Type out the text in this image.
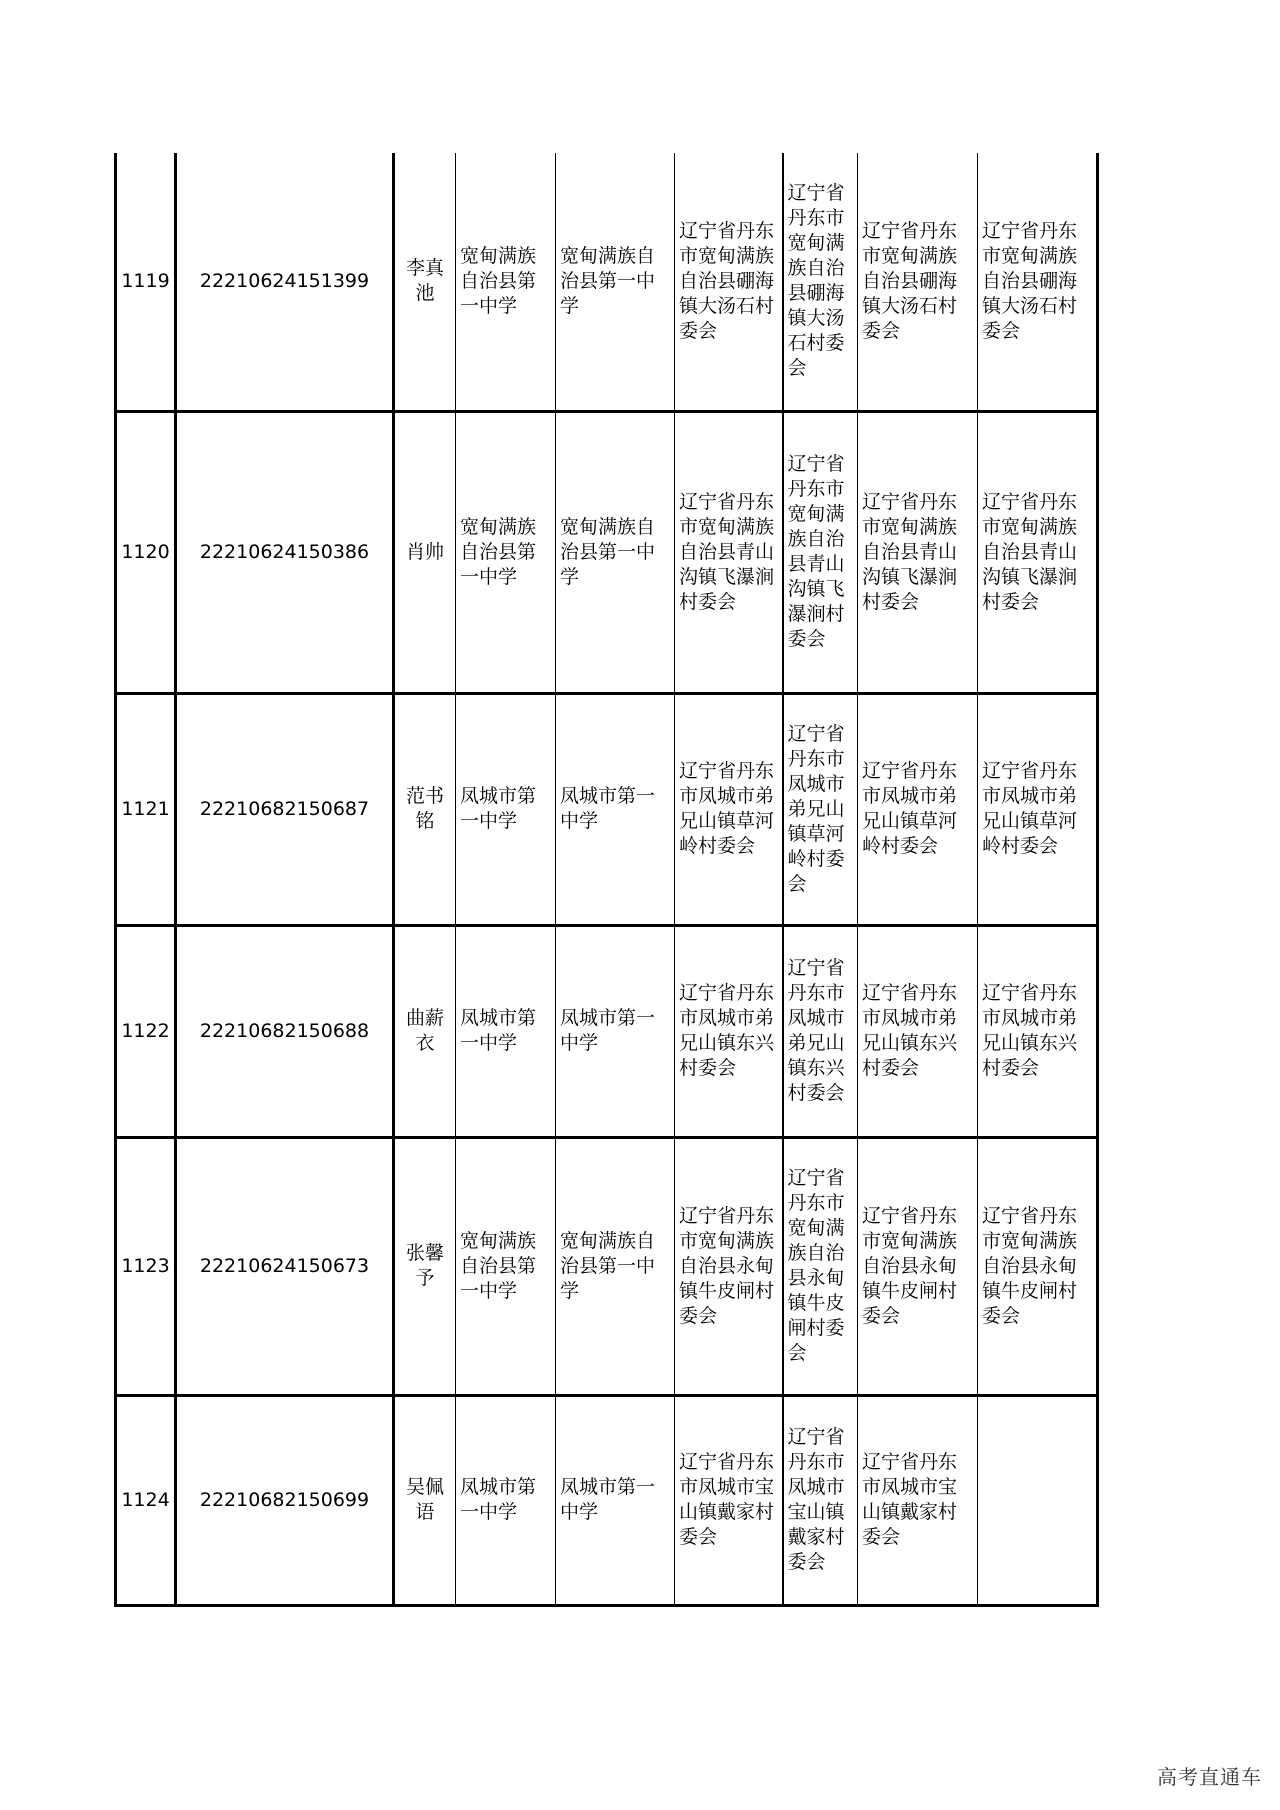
1119	22210624151399	李真池	宽甸满族自治县第一中学	宽甸满族自治县第一中学	辽宁省丹东市宽甸满族自治县硼海镇大汤石村委会	辽宁省丹东市宽甸满族自治县硼海镇大汤石村委会	辽宁省丹东市宽甸满族自治县硼海镇大汤石村委会	辽宁省丹东市宽甸满族自治县硼海镇大汤石村委会
1120	22210624150386	肖帅	宽甸满族自治县第一中学	宽甸满族自治县第一中学	辽宁省丹东市宽甸满族自治县青山沟镇飞瀑涧村委会	辽宁省丹东市宽甸满族自治县青山沟镇飞瀑涧村委会	辽宁省丹东市宽甸满族自治县青山沟镇飞瀑涧村委会	辽宁省丹东市宽甸满族自治县青山沟镇飞瀑涧村委会
1121	22210682150687	范书铭	凤城市第一中学	凤城市第一中学	辽宁省丹东市凤城市弟兄山镇草河岭村委会	辽宁省丹东市凤城市弟兄山镇草河岭村委会	辽宁省丹东市凤城市弟兄山镇草河岭村委会	辽宁省丹东市凤城市弟兄山镇草河岭村委会
1122	22210682150688	曲薪衣	凤城市第一中学	凤城市第一中学	辽宁省丹东市凤城市弟兄山镇东兴村委会	辽宁省丹东市凤城市弟兄山镇东兴村委会	辽宁省丹东市凤城市弟兄山镇东兴村委会	辽宁省丹东市凤城市弟兄山镇东兴村委会
1123	22210624150673	张馨予	宽甸满族自治县第一中学	宽甸满族自治县第一中学	辽宁省丹东市宽甸满族自治县永甸镇牛皮闸村委会	辽宁省丹东市宽甸满族自治县永甸镇牛皮闸村委会	辽宁省丹东市宽甸满族自治县永甸镇牛皮闸村委会	辽宁省丹东市宽甸满族自治县永甸镇牛皮闸村委会
1124	22210682150699	吴佩语	凤城市第一中学	凤城市第一中学	辽宁省丹东市凤城市宝山镇戴家村委会	辽宁省丹东市凤城市宝山镇戴家村委会	辽宁省丹东市凤城市宝山镇戴家村委会	
高考直通车
